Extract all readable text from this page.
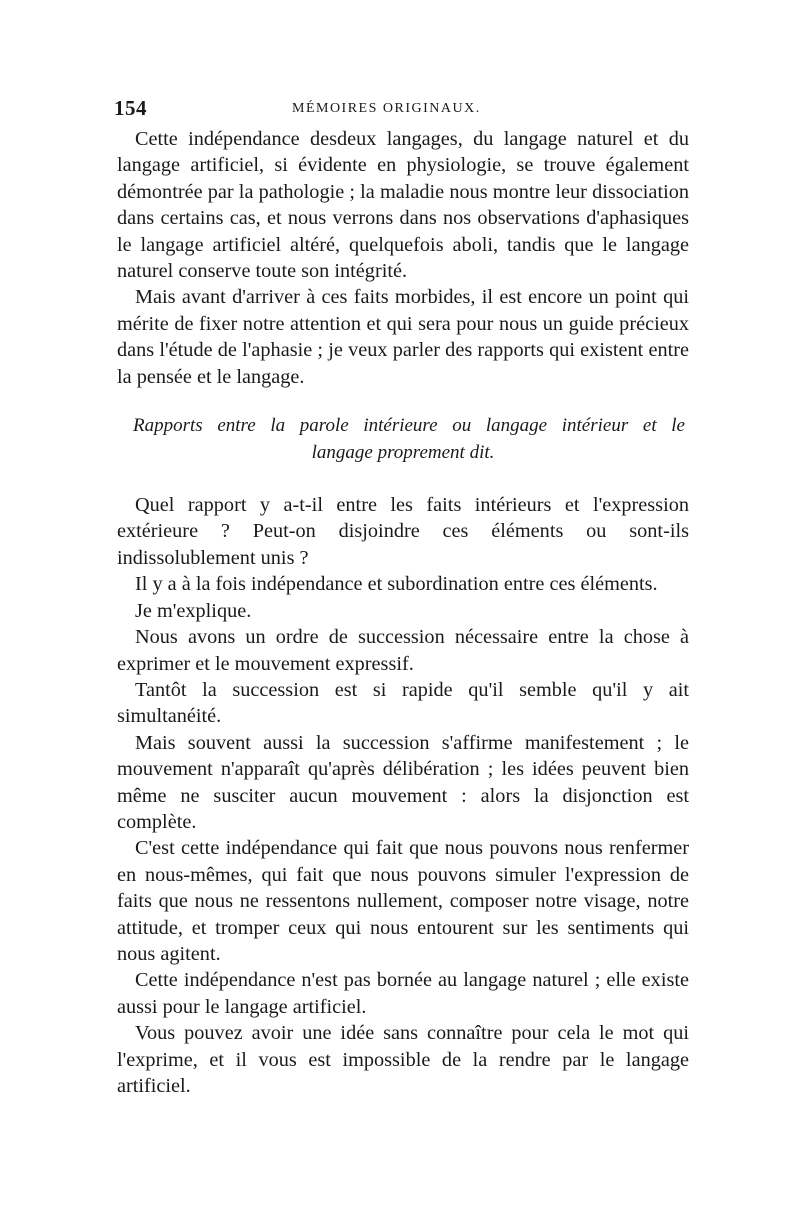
154	MÉMOIRES ORIGINAUX.

Cette indépendance desdeux langages, du langage naturel et du langage artificiel, si évidente en physiologie, se trouve également démontrée par la pathologie ; la maladie nous montre leur dissociation dans certains cas, et nous verrons dans nos observations d'aphasiques le langage artificiel altéré, quelquefois aboli, tandis que le langage naturel conserve toute son intégrité.

Mais avant d'arriver à ces faits morbides, il est encore un point qui mérite de fixer notre attention et qui sera pour nous un guide précieux dans l'étude de l'aphasie ; je veux parler des rapports qui existent entre la pensée et le langage.

Rapports entre la parole intérieure ou langage intérieur et le
langage proprement dit.

Quel rapport y a-t-il entre les faits intérieurs et l'expression extérieure ? Peut-on disjoindre ces éléments ou sont-ils indissolublement unis ?

Il y a à la fois indépendance et subordination entre ces éléments.

Je m'explique.

Nous avons un ordre de succession nécessaire entre la chose à exprimer et le mouvement expressif.

Tantôt la succession est si rapide qu'il semble qu'il y ait simultanéité.

Mais souvent aussi la succession s'affirme manifestement ; le mouvement n'apparaît qu'après délibération ; les idées peuvent bien même ne susciter aucun mouvement : alors la disjonction est complète.

C'est cette indépendance qui fait que nous pouvons nous renfermer en nous-mêmes, qui fait que nous pouvons simuler l'expression de faits que nous ne ressentons nullement, composer notre visage, notre attitude, et tromper ceux qui nous entourent sur les sentiments qui nous agitent.

Cette indépendance n'est pas bornée au langage naturel ; elle existe aussi pour le langage artificiel.

Vous pouvez avoir une idée sans connaître pour cela le mot qui l'exprime, et il vous est impossible de la rendre par le langage artificiel.
